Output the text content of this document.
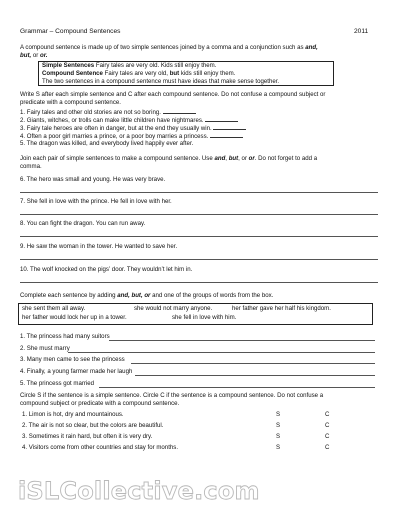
Grammar – Compound Sentences	2011
A compound sentence is made up of two simple sentences joined by a comma and a conjunction such as and,
but, or or.
Simple Sentences Fairy tales are very old. Kids still enjoy them.
Compound Sentence Fairy tales are very old, but kids still enjoy them.
The two sentences in a compound sentence must have ideas that make sense together.
Write S after each simple sentence and C after each compound sentence. Do not confuse a compound subject or
predicate with a compound sentence.
1. Fairy tales and other old stories are not so boring.
2. Giants, witches, or trolls can make little children have nightmares.
3. Fairy tale heroes are often in danger, but at the end they usually win.
4. Often a poor girl marries a prince, or a poor boy marries a princess.
5. The dragon was killed, and everybody lived happily ever after.
Join each pair of simple sentences to make a compound sentence. Use and, but, or or. Do not forget to add a
comma.
6. The hero was small and young. He was very brave.
7. She fell in love with the prince. He fell in love with her.
8. You can fight the dragon. You can run away.
9. He saw the woman in the tower. He wanted to save her.
10. The wolf knocked on the pigs’ door. They wouldn’t let him in.
Complete each sentence by adding and, but, or and one of the groups of words from the box.
she sent them all away.	she would not marry anyone.	her father gave her half his kingdom.
her father would lock her up in a tower.	she fell in love with him.
1. The princess had many suitors
2. She must marry
3. Many men came to see the princess
4. Finally, a young farmer made her laugh
5. The princess got married
Circle S if the sentence is a simple sentence. Circle C if the sentence is a compound sentence. Do not confuse a
compound subject or predicate with a compound sentence.
1. Limon is hot, dry and mountainous.	S	C
2. The air is not so clear, but the colors are beautiful.	S	C
3. Sometimes it rain hard, but often it is very dry.	S	C
4. Visitors come from other countries and stay for months.	S	C
iSLCollective.com
